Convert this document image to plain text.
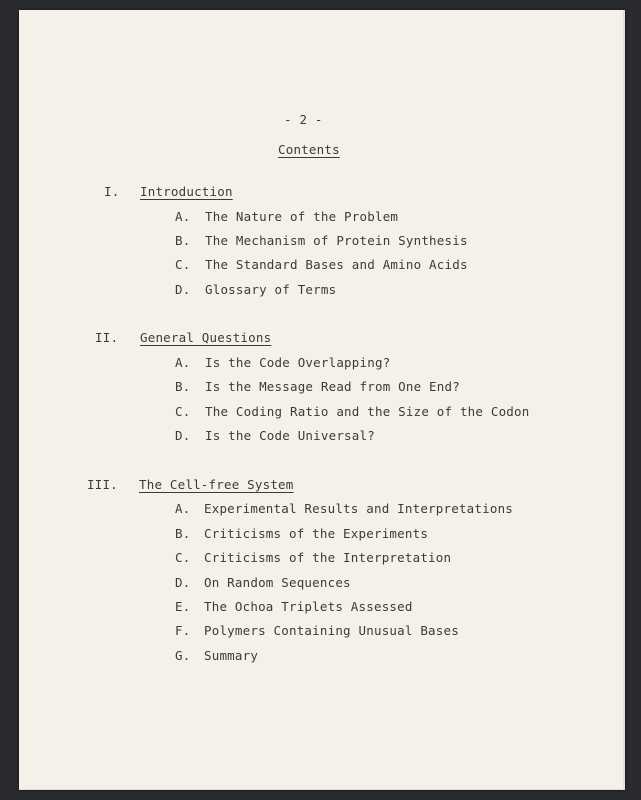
- 2 -
Contents
I. Introduction
A. The Nature of the Problem
B. The Mechanism of Protein Synthesis
C. The Standard Bases and Amino Acids
D. Glossary of Terms
II. General Questions
A. Is the Code Overlapping?
B. Is the Message Read from One End?
C. The Coding Ratio and the Size of the Codon
D. Is the Code Universal?
III. The Cell-free System
A. Experimental Results and Interpretations
B. Criticisms of the Experiments
C. Criticisms of the Interpretation
D. On Random Sequences
E. The Ochoa Triplets Assessed
F. Polymers Containing Unusual Bases
G. Summary
